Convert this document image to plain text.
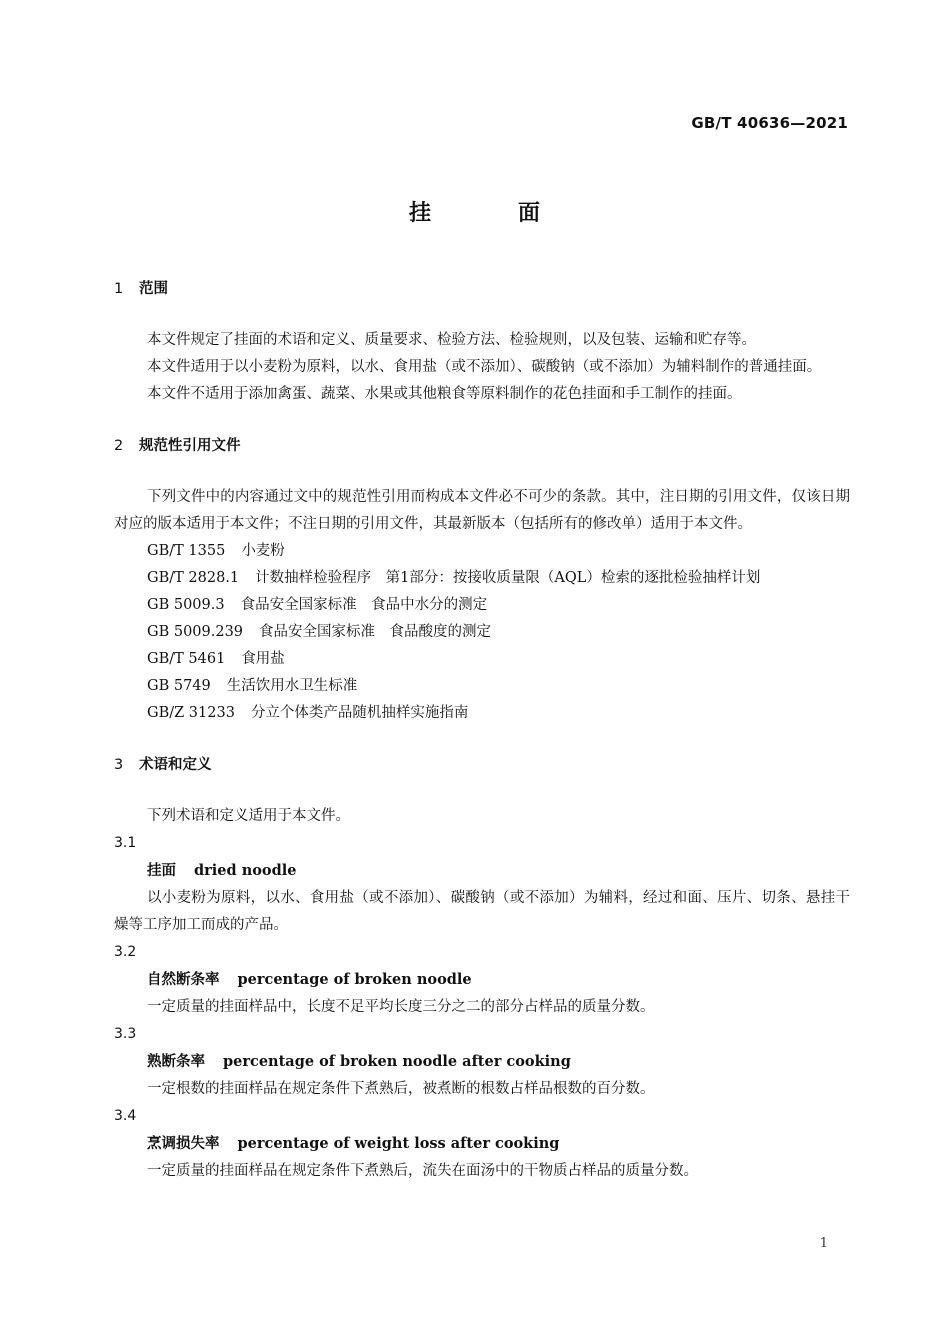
GB/T 40636—2021
挂	面
1 范围

本文件规定了挂面的术语和定义、质量要求、检验方法、检验规则，以及包装、运输和贮存等。

本文件适用于以小麦粉为原料，以水、食用盐（或不添加）、碳酸钠（或不添加）为辅料制作的普通挂面。

本文件不适用于添加禽蛋、蔬菜、水果或其他粮食等原料制作的花色挂面和手工制作的挂面。

2 规范性引用文件

下列文件中的内容通过文中的规范性引用而构成本文件必不可少的条款。其中，注日期的引用文件，仅该日期对应的版本适用于本文件；不注日期的引用文件，其最新版本（包括所有的修改单）适用于本文件。

GB/T 1355 小麦粉

GB/T 2828.1 计数抽样检验程序　第1部分：按接收质量限（AQL）检索的逐批检验抽样计划

GB 5009.3 食品安全国家标准　食品中水分的测定

GB 5009.239 食品安全国家标准　食品酸度的测定

GB/T 5461 食用盐

GB 5749 生活饮用水卫生标准

GB/Z 31233 分立个体类产品随机抽样实施指南

3 术语和定义

下列术语和定义适用于本文件。

3.1

挂面 dried noodle

以小麦粉为原料，以水、食用盐（或不添加）、碳酸钠（或不添加）为辅料，经过和面、压片、切条、悬挂干燥等工序加工而成的产品。

3.2

自然断条率 percentage of broken noodle

一定质量的挂面样品中，长度不足平均长度三分之二的部分占样品的质量分数。

3.3

熟断条率 percentage of broken noodle after cooking

一定根数的挂面样品在规定条件下煮熟后，被煮断的根数占样品根数的百分数。

3.4

烹调损失率 percentage of weight loss after cooking

一定质量的挂面样品在规定条件下煮熟后，流失在面汤中的干物质占样品的质量分数。

1
